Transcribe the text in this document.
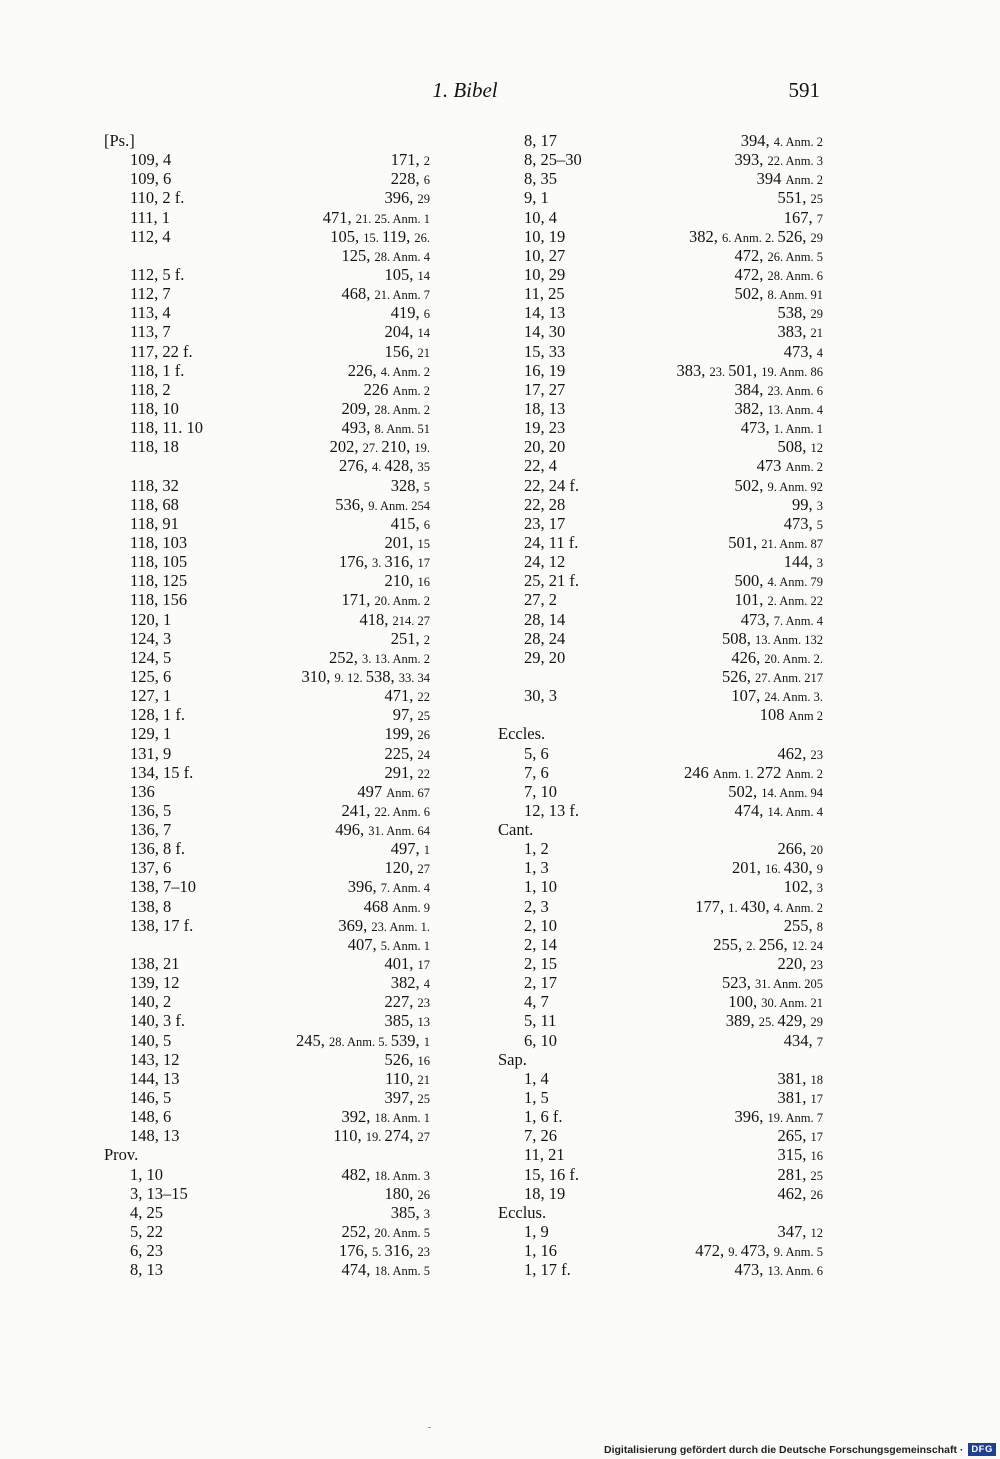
1. Bibel	591
[Ps.]
109, 4	171, 2
109, 6	228, 6
110, 2 f.	396, 29
111, 1	471, 21. 25. Anm. 1
112, 4	105, 15. 119, 26.
125, 28. Anm. 4
112, 5 f.	105, 14
112, 7	468, 21. Anm. 7
113, 4	419, 6
113, 7	204, 14
117, 22 f.	156, 21
118, 1 f.	226, 4. Anm. 2
118, 2	226 Anm. 2
118, 10	209, 28. Anm. 2
118, 11. 10	493, 8. Anm. 51
118, 18	202, 27. 210, 19.
276, 4. 428, 35
118, 32	328, 5
118, 68	536, 9. Anm. 254
118, 91	415, 6
118, 103	201, 15
118, 105	176, 3. 316, 17
118, 125	210, 16
118, 156	171, 20. Anm. 2
120, 1	418, 214. 27
124, 3	251, 2
124, 5	252, 3. 13. Anm. 2
125, 6	310, 9. 12. 538, 33. 34
127, 1	471, 22
128, 1 f.	97, 25
129, 1	199, 26
131, 9	225, 24
134, 15 f.	291, 22
136	497 Anm. 67
136, 5	241, 22. Anm. 6
136, 7	496, 31. Anm. 64
136, 8 f.	497, 1
137, 6	120, 27
138, 7–10	396, 7. Anm. 4
138, 8	468 Anm. 9
138, 17 f.	369, 23. Anm. 1.
407, 5. Anm. 1
138, 21	401, 17
139, 12	382, 4
140, 2	227, 23
140, 3 f.	385, 13
140, 5	245, 28. Anm. 5. 539, 1
143, 12	526, 16
144, 13	110, 21
146, 5	397, 25
148, 6	392, 18. Anm. 1
148, 13	110, 19. 274, 27
Prov.
1, 10	482, 18. Anm. 3
3, 13–15	180, 26
4, 25	385, 3
5, 22	252, 20. Anm. 5
6, 23	176, 5. 316, 23
8, 13	474, 18. Anm. 5
8, 17	394, 4. Anm. 2
8, 25–30	393, 22. Anm. 3
8, 35	394 Anm. 2
9, 1	551, 25
10, 4	167, 7
10, 19	382, 6. Anm. 2. 526, 29
10, 27	472, 26. Anm. 5
10, 29	472, 28. Anm. 6
11, 25	502, 8. Anm. 91
14, 13	538, 29
14, 30	383, 21
15, 33	473, 4
16, 19	383, 23. 501, 19. Anm. 86
17, 27	384, 23. Anm. 6
18, 13	382, 13. Anm. 4
19, 23	473, 1. Anm. 1
20, 20	508, 12
22, 4	473 Anm. 2
22, 24 f.	502, 9. Anm. 92
22, 28	99, 3
23, 17	473, 5
24, 11 f.	501, 21. Anm. 87
24, 12	144, 3
25, 21 f.	500, 4. Anm. 79
27, 2	101, 2. Anm. 22
28, 14	473, 7. Anm. 4
28, 24	508, 13. Anm. 132
29, 20	426, 20. Anm. 2.
526, 27. Anm. 217
30, 3	107, 24. Anm. 3.
108 Anm 2
Eccles.
5, 6	462, 23
7, 6	246 Anm. 1. 272 Anm. 2
7, 10	502, 14. Anm. 94
12, 13 f.	474, 14. Anm. 4
Cant.
1, 2	266, 20
1, 3	201, 16. 430, 9
1, 10	102, 3
2, 3	177, 1. 430, 4. Anm. 2
2, 10	255, 8
2, 14	255, 2. 256, 12. 24
2, 15	220, 23
2, 17	523, 31. Anm. 205
4, 7	100, 30. Anm. 21
5, 11	389, 25. 429, 29
6, 10	434, 7
Sap.
1, 4	381, 18
1, 5	381, 17
1, 6 f.	396, 19. Anm. 7
7, 26	265, 17
11, 21	315, 16
15, 16 f.	281, 25
18, 19	462, 26
Ecclus.
1, 9	347, 12
1, 16	472, 9. 473, 9. Anm. 5
1, 17 f.	473, 13. Anm. 6
Digitalisierung gefördert durch die Deutsche Forschungsgemeinschaft · DFG
